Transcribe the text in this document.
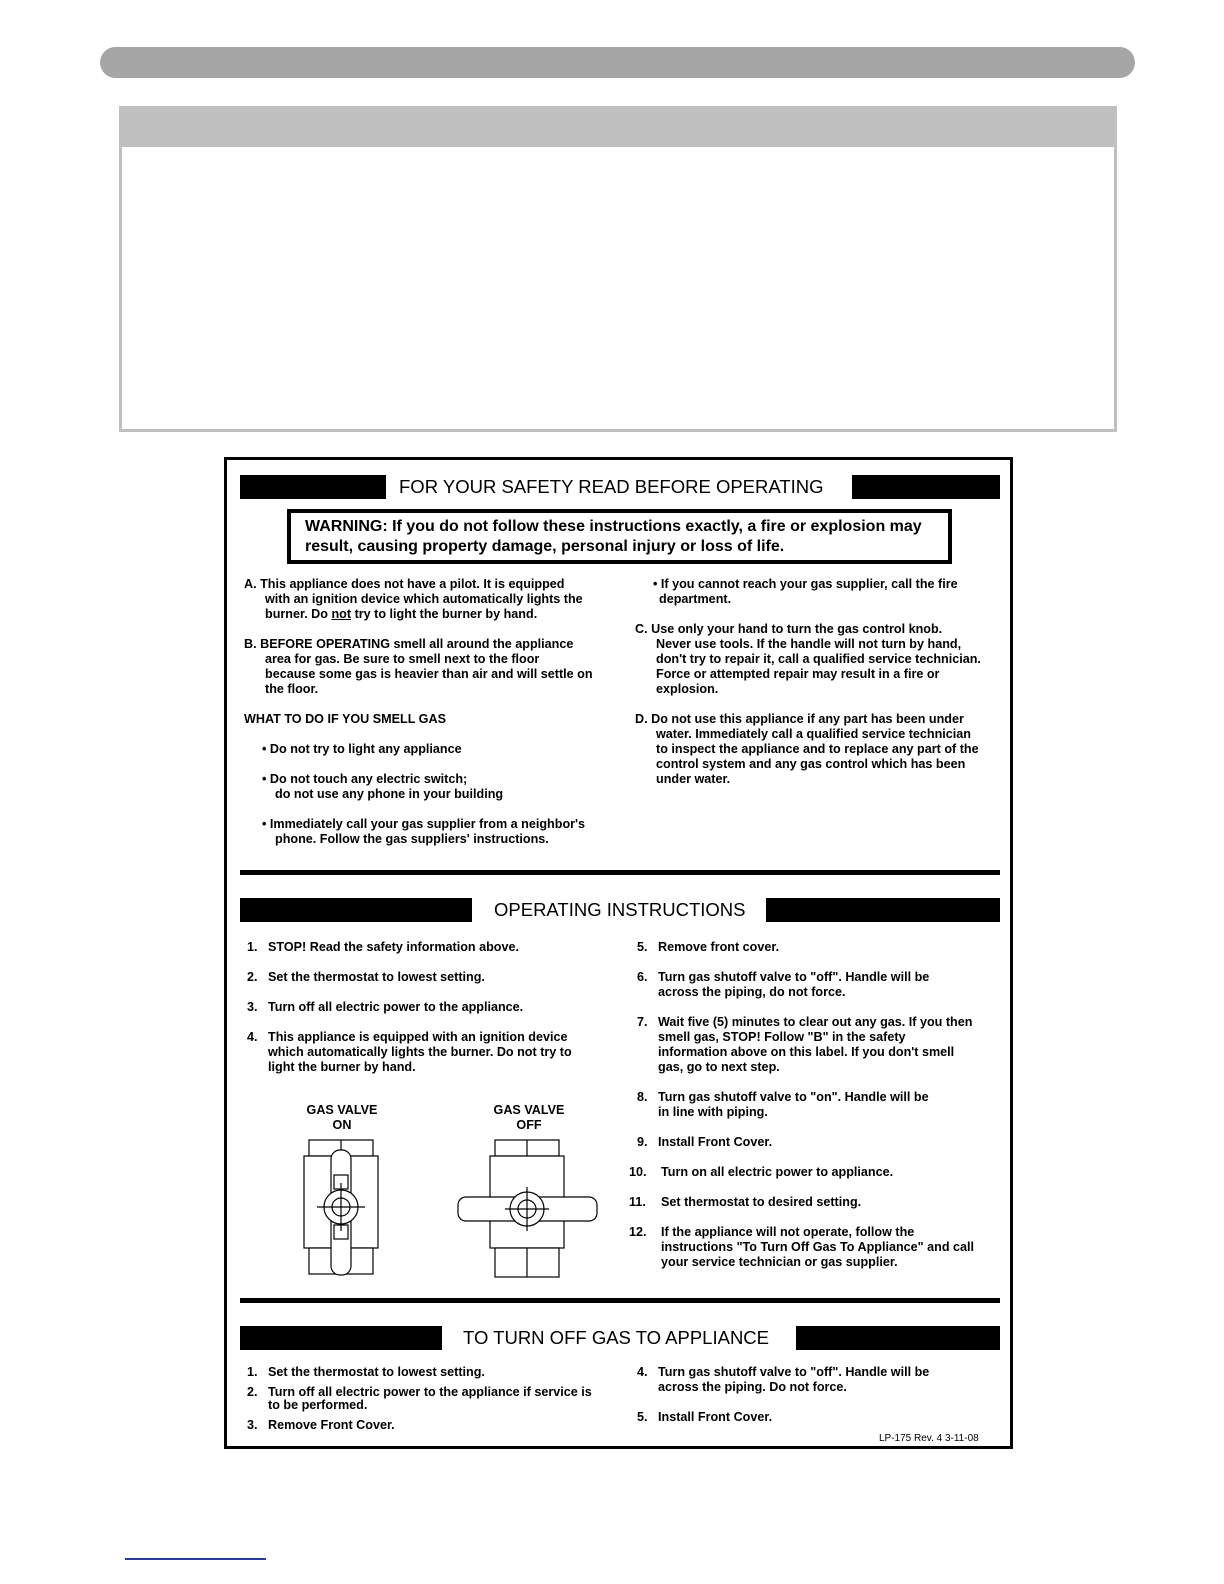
FOR YOUR SAFETY READ BEFORE OPERATING
WARNING: If you do not follow these instructions exactly, a fire or explosion may
result, causing property damage, personal injury or loss of life.
A. This appliance does not have a pilot. It is equipped
with an ignition device which automatically lights the
burner. Do not try to light the burner by hand.
B. BEFORE OPERATING smell all around the appliance
area for gas. Be sure to smell next to the floor
because some gas is heavier than air and will settle on
the floor.
WHAT TO DO IF YOU SMELL GAS
• Do not try to light any appliance
• Do not touch any electric switch;
do not use any phone in your building
• Immediately call your gas supplier from a neighbor's
phone. Follow the gas suppliers' instructions.
• If you cannot reach your gas supplier, call the fire
department.
C. Use only your hand to turn the gas control knob.
Never use tools. If the handle will not turn by hand,
don't try to repair it, call a qualified service technician.
Force or attempted repair may result in a fire or
explosion.
D. Do not use this appliance if any part has been under
water. Immediately call a qualified service technician
to inspect the appliance and to replace any part of the
control system and any gas control which has been
under water.
OPERATING INSTRUCTIONS
1. STOP! Read the safety information above.
2. Set the thermostat to lowest setting.
3. Turn off all electric power to the appliance.
4. This appliance is equipped with an ignition device
which automatically lights the burner. Do not try to
light the burner by hand.
GAS VALVE
ON
GAS VALVE
OFF
5. Remove front cover.
6. Turn gas shutoff valve to "off". Handle will be
across the piping, do not force.
7. Wait five (5) minutes to clear out any gas. If you then
smell gas, STOP! Follow "B" in the safety
information above on this label. If you don't smell
gas, go to next step.
8. Turn gas shutoff valve to "on". Handle will be
in line with piping.
9. Install Front Cover.
10. Turn on all electric power to appliance.
11. Set thermostat to desired setting.
12. If the appliance will not operate, follow the
instructions "To Turn Off Gas To Appliance" and call
your service technician or gas supplier.
TO TURN OFF GAS TO APPLIANCE
1. Set the thermostat to lowest setting.
2. Turn off all electric power to the appliance if service is
to be performed.
3. Remove Front Cover.
4. Turn gas shutoff valve to "off". Handle will be
across the piping. Do not force.
5. Install Front Cover.
LP-175 Rev. 4 3-11-08
